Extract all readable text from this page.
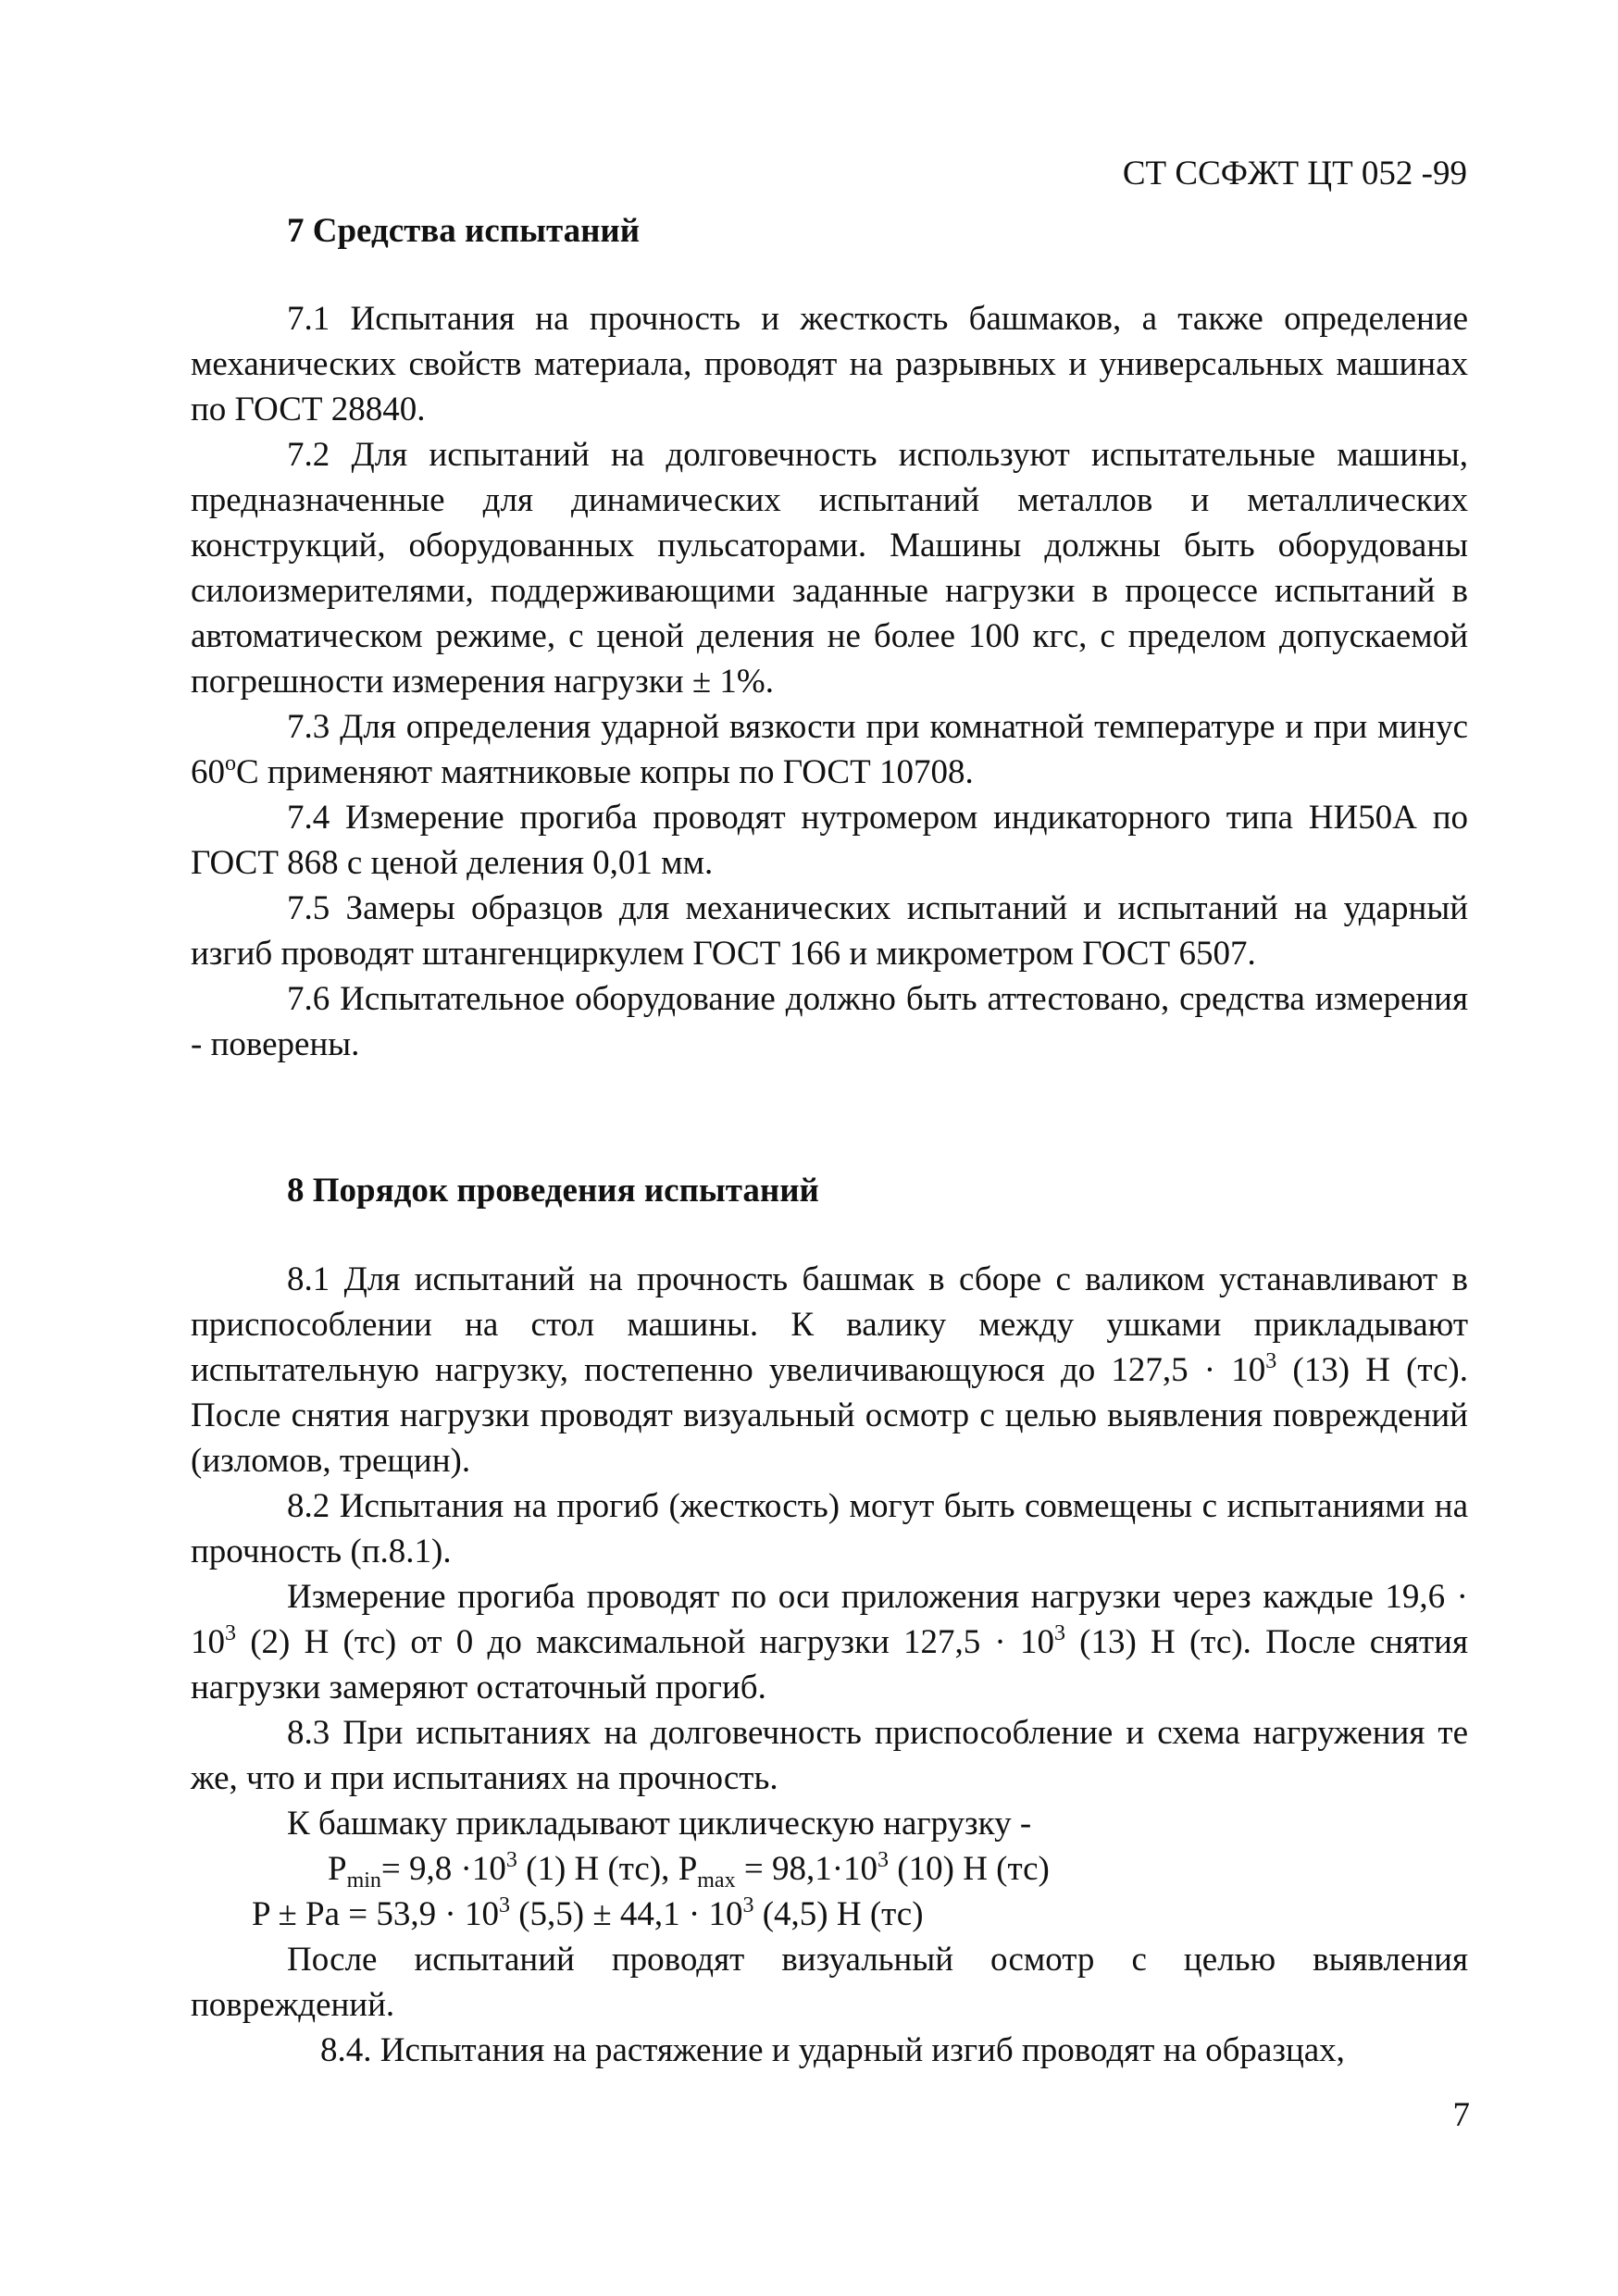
СТ ССФЖТ ЦТ 052 -99
7 Средства испытаний

7.1 Испытания на прочность и жесткость башмаков, а также определение механических свойств материала, проводят на разрывных и универсальных машинах по ГОСТ 28840.

7.2 Для испытаний на долговечность используют испытательные машины, предназначенные для динамических испытаний металлов и металлических конструкций, оборудованных пульсаторами. Машины должны быть оборудованы силоизмерителями, поддерживающими заданные нагрузки в процессе испытаний в автоматическом режиме, с ценой деления не более 100 кгс, с пределом допускаемой погрешности измерения нагрузки ± 1%.

7.3 Для определения ударной вязкости при комнатной температуре и при минус $60^оС$ применяют маятниковые копры по ГОСТ 10708.

7.4 Измерение прогиба проводят нутромером индикаторного типа НИ50А по ГОСТ 868 с ценой деления 0,01 мм.

7.5 Замеры образцов для механических испытаний и испытаний на ударный изгиб проводят штангенциркулем ГОСТ 166 и микрометром ГОСТ 6507.

7.6 Испытательное оборудование должно быть аттестовано, средства измерения - поверены.

8 Порядок проведения испытаний

8.1 Для испытаний на прочность башмак в сборе с валиком устанавливают в приспособлении на стол машины. К валику между ушками прикладывают испытательную нагрузку, постепенно увеличивающуюся до $127,5 \cdot 10^3$ (13) Н (тс). После снятия нагрузки проводят визуальный осмотр с целью выявления повреждений (изломов, трещин).

8.2 Испытания на прогиб (жесткость) могут быть совмещены с испытаниями на прочность (п.8.1).

Измерение прогиба проводят по оси приложения нагрузки через каждые $19,6 \cdot 10^3$ (2) Н (тс) от 0 до максимальной нагрузки $127,5 \cdot 10^3$ (13) Н (тс). После снятия нагрузки замеряют остаточный прогиб.

8.3 При испытаниях на долговечность приспособление и схема нагружения те же, что и при испытаниях на прочность.

К башмаку прикладывают циклическую нагрузку -
$P_{min}= 9,8 \cdot 10^3$ (1) Н (тс), $P_{max} = 98,1\cdot 10^3$ (10) Н (тс)
$P \pm Pa = 53,9 \cdot 10^3$ $(5,5) \pm 44,1 \cdot 10^3$ (4,5) Н (тс)

После испытаний проводят визуальный осмотр с целью выявления повреждений.

8.4. Испытания на растяжение и ударный изгиб проводят на образцах,

7
